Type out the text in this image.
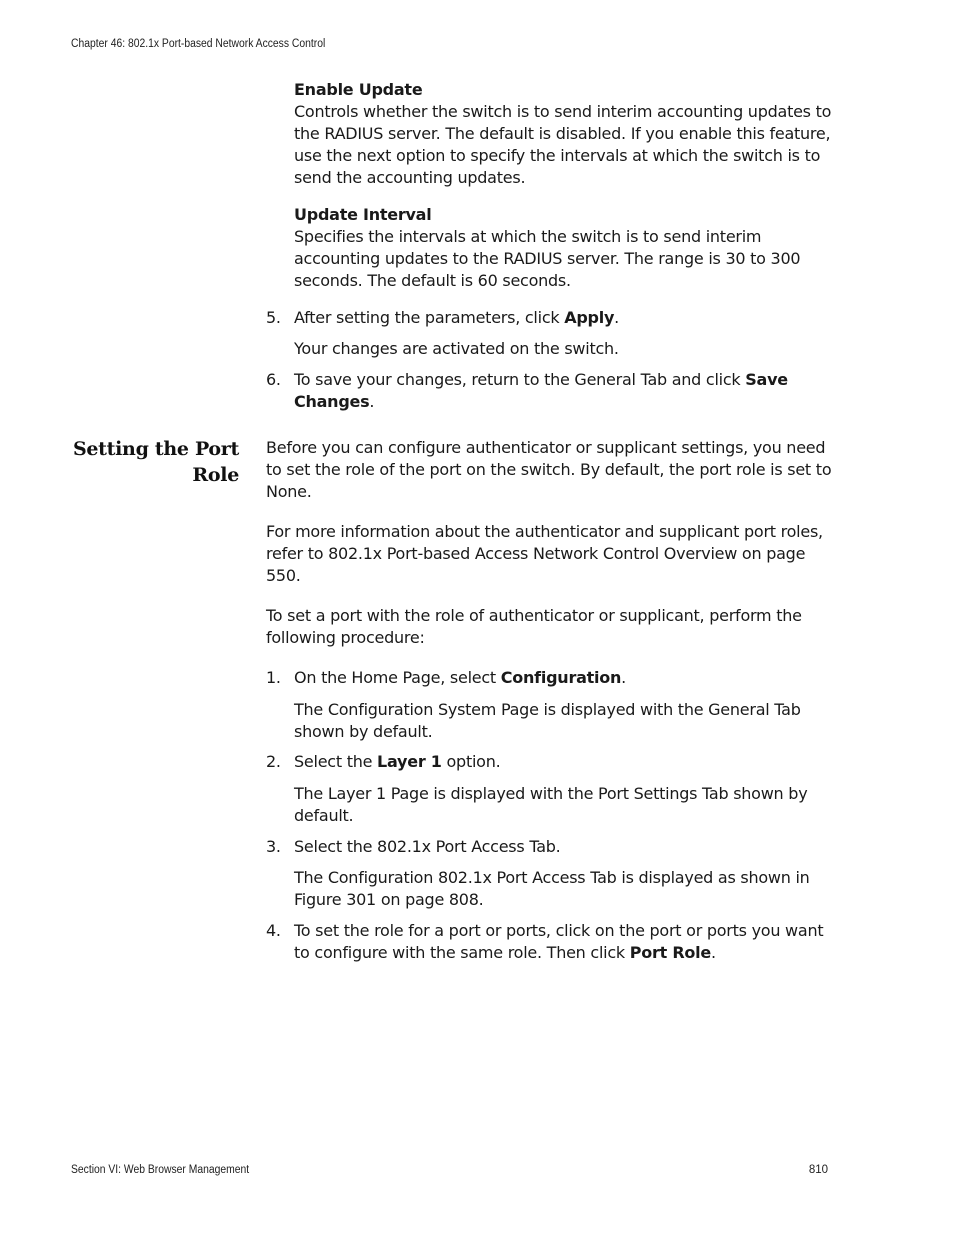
Chapter 46: 802.1x Port-based Network Access Control
Enable Update
Controls whether the switch is to send interim accounting updates to the RADIUS server. The default is disabled. If you enable this feature, use the next option to specify the intervals at which the switch is to send the accounting updates.
Update Interval
Specifies the intervals at which the switch is to send interim accounting updates to the RADIUS server. The range is 30 to 300 seconds. The default is 60 seconds.
5. After setting the parameters, click Apply.
Your changes are activated on the switch.
6. To save your changes, return to the General Tab and click Save Changes.
Setting the Port Role
Before you can configure authenticator or supplicant settings, you need to set the role of the port on the switch. By default, the port role is set to None.
For more information about the authenticator and supplicant port roles, refer to 802.1x Port-based Access Network Control Overview on page 550.
To set a port with the role of authenticator or supplicant, perform the following procedure:
1. On the Home Page, select Configuration.
The Configuration System Page is displayed with the General Tab shown by default.
2. Select the Layer 1 option.
The Layer 1 Page is displayed with the Port Settings Tab shown by default.
3. Select the 802.1x Port Access Tab.
The Configuration 802.1x Port Access Tab is displayed as shown in Figure 301 on page 808.
4. To set the role for a port or ports, click on the port or ports you want to configure with the same role. Then click Port Role.
Section VI: Web Browser Management	810
